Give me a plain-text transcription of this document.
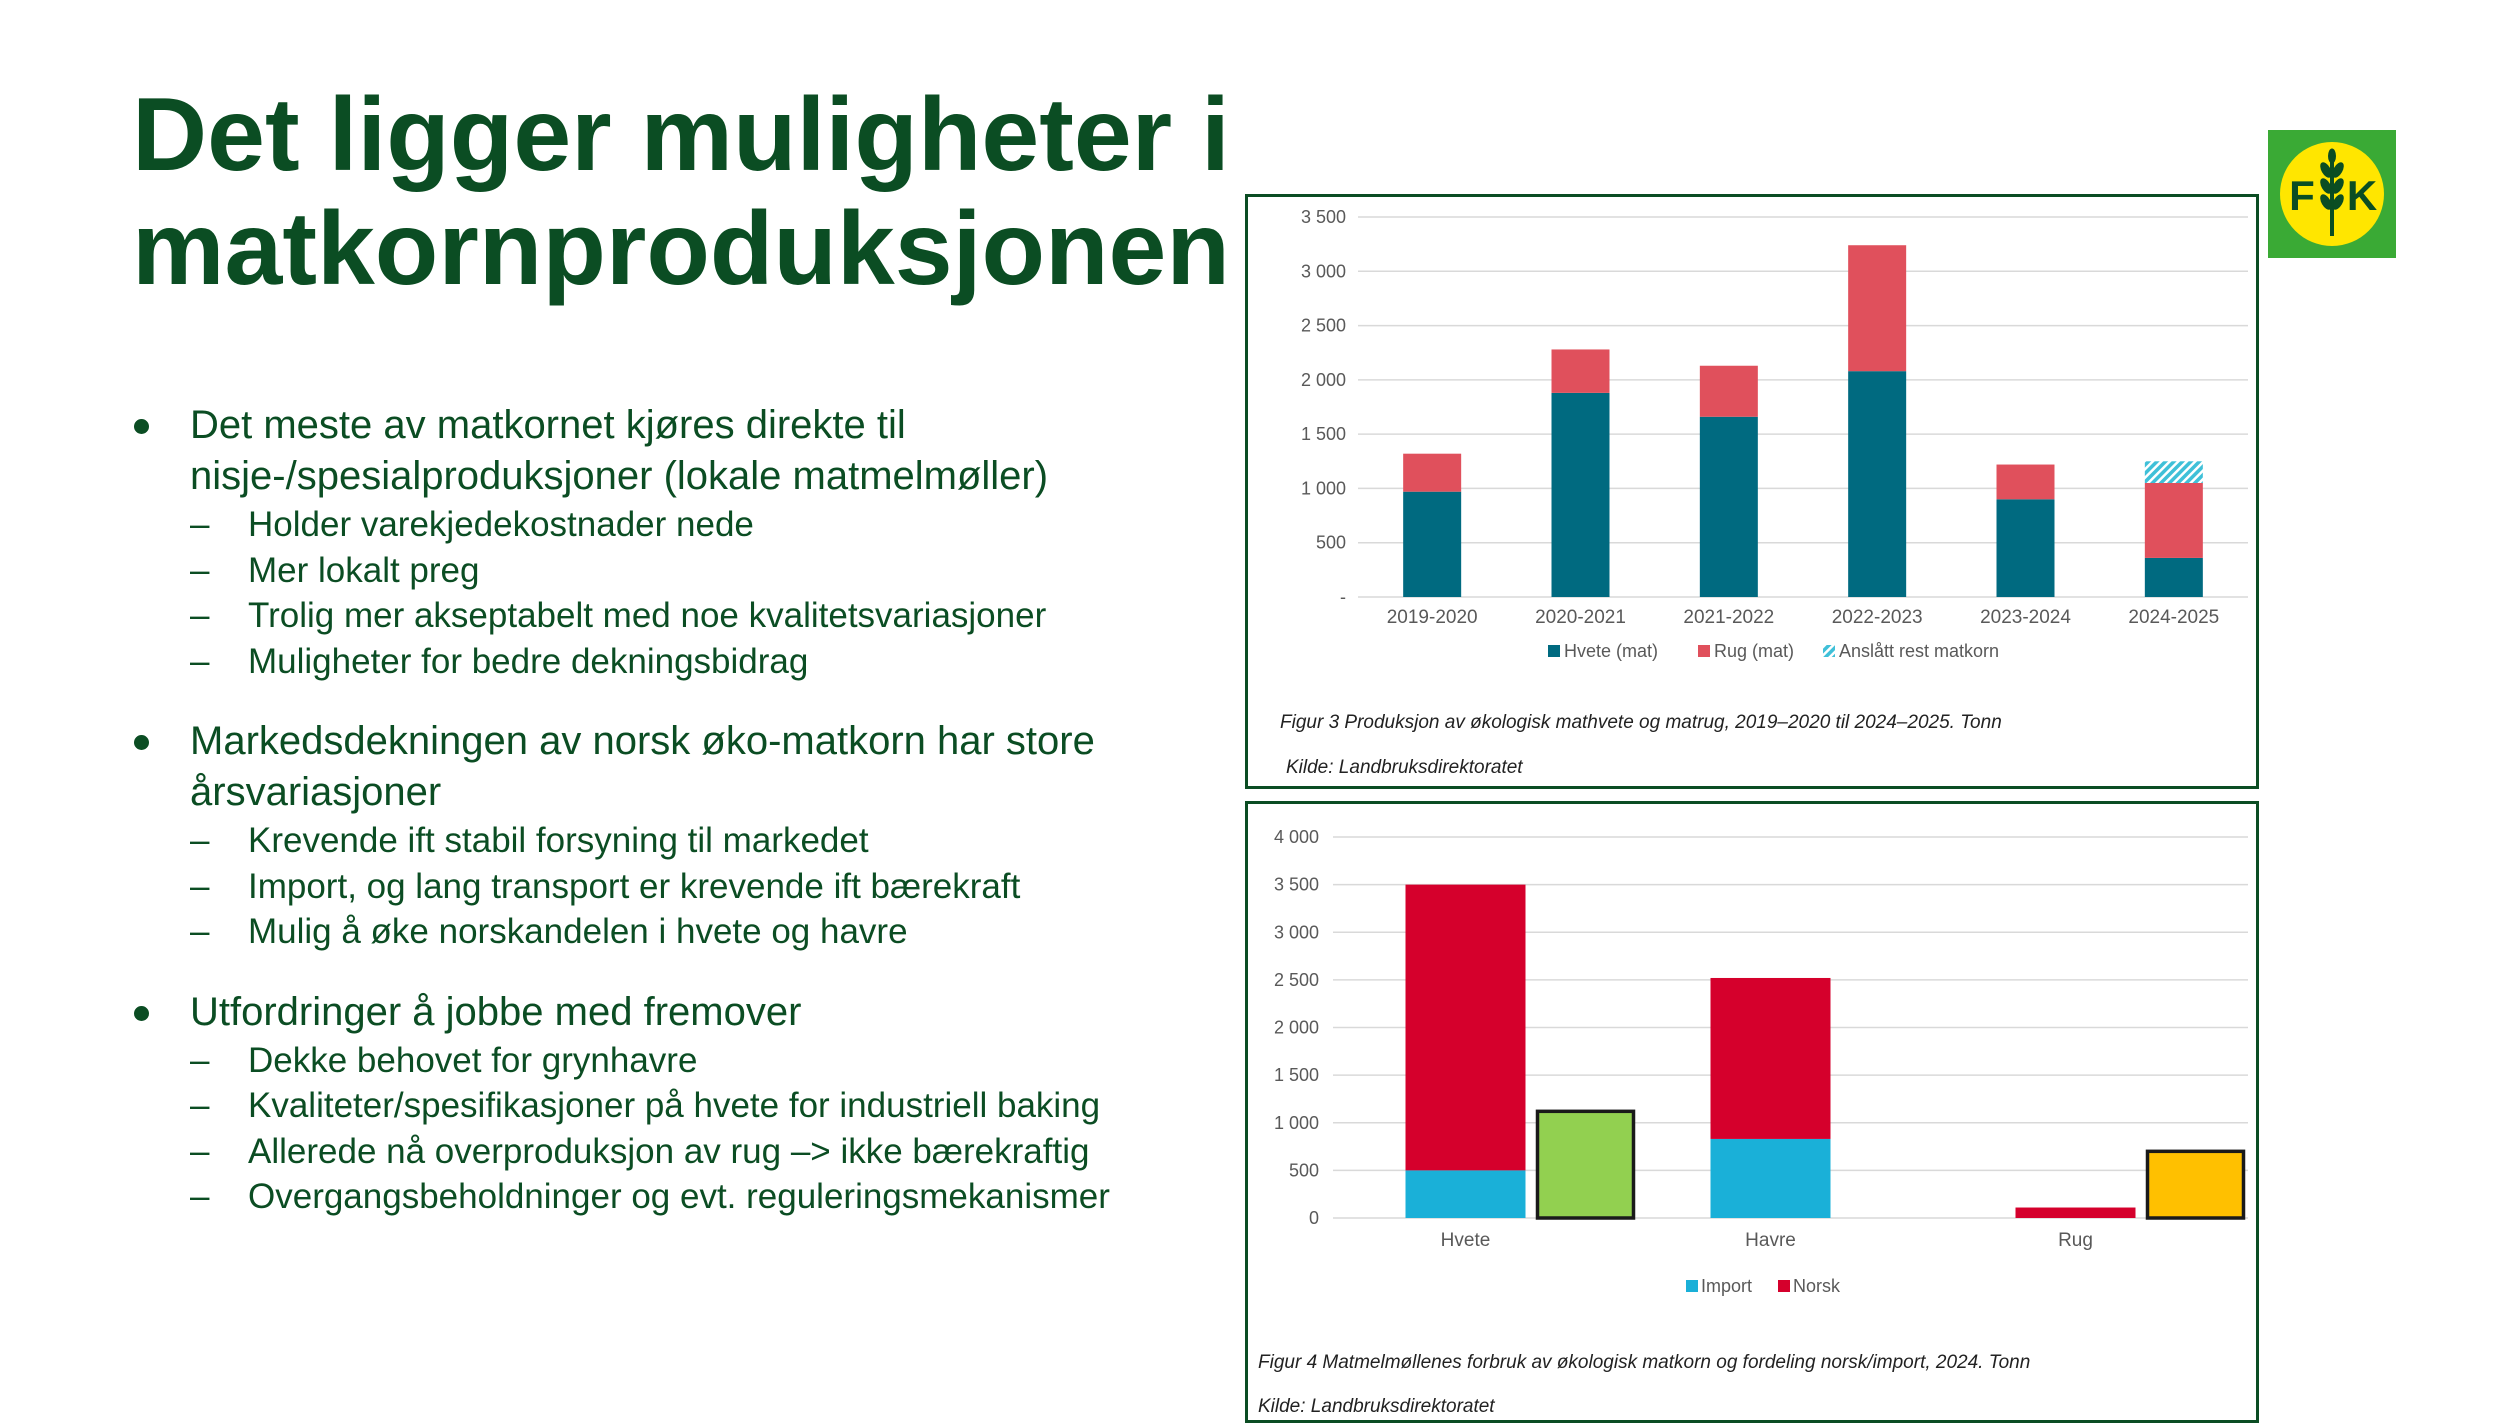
Det ligger muligheter i
matkornproduksjonen	F K
Det meste av matkornet kjøres direkte til nisje-/spesialproduksjoner (lokale matmelmøller)
– Holder varekjedekostnader nede
– Mer lokalt preg
– Trolig mer akseptabelt med noe kvalitetsvariasjoner
– Muligheter for bedre dekningsbidrag
Markedsdekningen av norsk øko-matkorn har store årsvariasjoner
– Krevende ift stabil forsyning til markedet
– Import, og lang transport er krevende ift bærekraft
– Mulig å øke norskandelen i hvete og havre
Utfordringer å jobbe med fremover
– Dekke behovet for grynhavre
– Kvaliteter/spesifikasjoner på hvete for industriell baking
– Allerede nå overproduksjon av rug –> ikke bærekraftig
– Overgangsbeholdninger og evt. reguleringsmekanismer
-
500
1 000
1 500
2 000
2 500
3 000
3 500
2019-2020	2020-2021	2021-2022	2022-2023	2023-2024	2024-2025
Hvete (mat)	Rug (mat) Anslått rest matkorn
Figur 3 Produksjon av økologisk mathvete og matrug, 2019–2020 til 2024–2025. Tonn
Kilde: Landbruksdirektoratet
0
500
1 000
1 500
2 000
2 500
3 000
3 500
4 000
Hvete	Havre	Rug
Import Norsk
Figur 4 Matmelmøllenes forbruk av økologisk matkorn og fordeling norsk/import, 2024. Tonn
Kilde: Landbruksdirektoratet
